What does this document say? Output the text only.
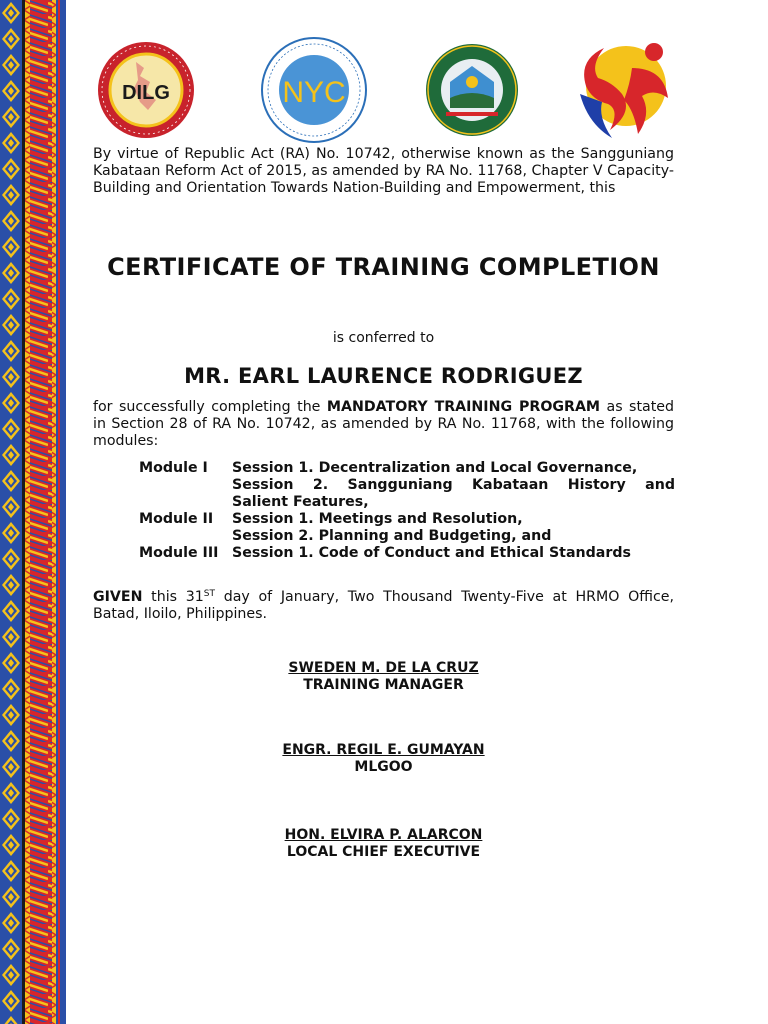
DILG	NYC

By virtue of Republic Act (RA) No. 10742, otherwise known as the Sangguniang Kabataan Reform Act of 2015, as amended by RA No. 11768, Chapter V Capacity-Building and Orientation Towards Nation-Building and Empowerment, this

CERTIFICATE OF TRAINING COMPLETION

is conferred to

MR. EARL LAURENCE RODRIGUEZ

for successfully completing the MANDATORY TRAINING PROGRAM as stated in Section 28 of RA No. 10742, as amended by RA No. 11768, with the following modules:

Module I	Session 1. Decentralization and Local Governance,
Session 2. Sangguniang Kabataan History and
Salient Features,
Module II	Session 1. Meetings and Resolution,
Session 2. Planning and Budgeting, and
Module III Session 1. Code of Conduct and Ethical Standards

GIVEN this 31ST day of January, Two Thousand Twenty-Five at HRMO Office, Batad, Iloilo, Philippines.

SWEDEN M. DE LA CRUZ
TRAINING MANAGER
ENGR. REGIL E. GUMAYAN
MLGOO
HON. ELVIRA P. ALARCON
LOCAL CHIEF EXECUTIVE
